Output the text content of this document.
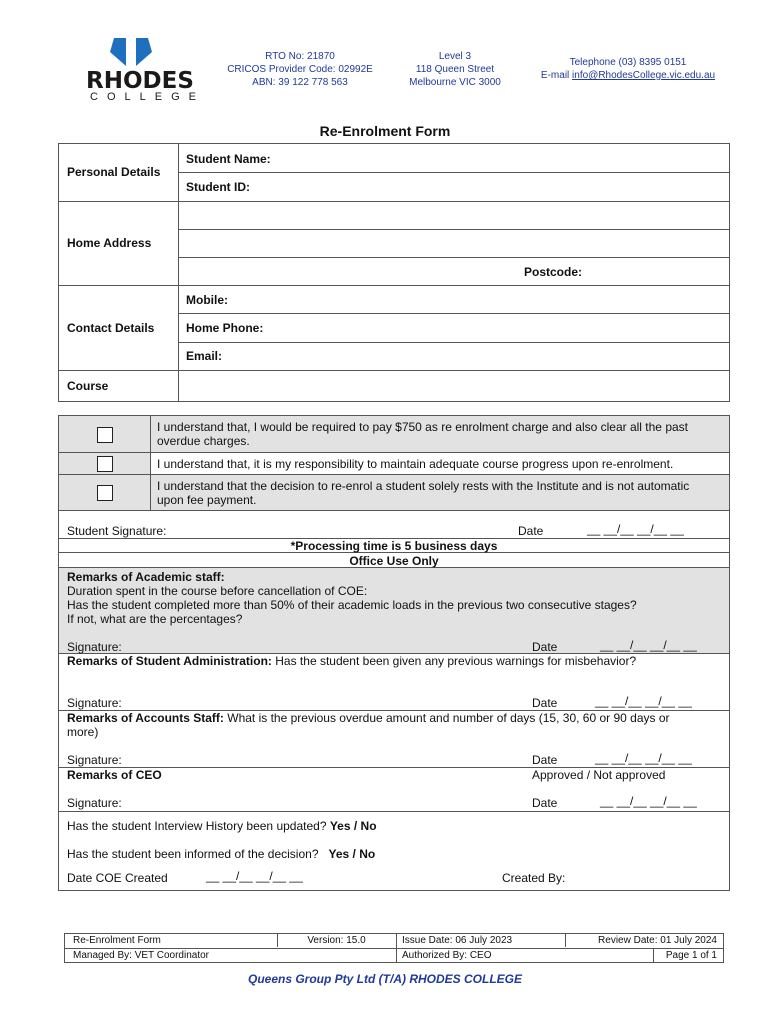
RHODES
COLLEGE
RTO No: 21870
CRICOS Provider Code: 02992E
ABN: 39 122 778 563
Level 3
118 Queen Street
Melbourne VIC 3000
Telephone (03) 8395 0151
E-mail info@RhodesCollege.vic.edu.au
Re-Enrolment Form
Personal Details
Student Name:
Student ID:
Home Address
Postcode:
Contact Details
Mobile:
Home Phone:
Email:
Course
I understand that, I would be required to pay $750 as re enrolment charge and also clear all the past overdue charges.
I understand that, it is my responsibility to maintain adequate course progress upon re-enrolment.
I understand that the decision to re-enrol a student solely rests with the Institute and is not automatic upon fee payment.
Student Signature:	Date	__ __/__ __/__ __
*Processing time is 5 business days
Office Use Only
Remarks of Academic staff:
Duration spent in the course before cancellation of COE:
Has the student completed more than 50% of their academic loads in the previous two consecutive stages?
If not, what are the percentages?
Signature:	Date	__ __/__ __/__ __
Remarks of Student Administration: Has the student been given any previous warnings for misbehavior?
Signature:	Date	__ __/__ __/__ __
Remarks of Accounts Staff: What is the previous overdue amount and number of days (15, 30, 60 or 90 days or
more)
Signature:	Date	__ __/__ __/__ __
Remarks of CEO	Approved / Not approved
Signature:	Date	__ __/__ __/__ __
Has the student Interview History been updated? Yes / No
Has the student been informed of the decision? Yes / No
Date COE Created	__ __/__ __/__ __	Created By:
Re-Enrolment Form	Version: 15.0	Issue Date: 06 July 2023	Review Date: 01 July 2024
Managed By: VET Coordinator	Authorized By: CEO	Page 1 of 1
Queens Group Pty Ltd (T/A) RHODES COLLEGE
